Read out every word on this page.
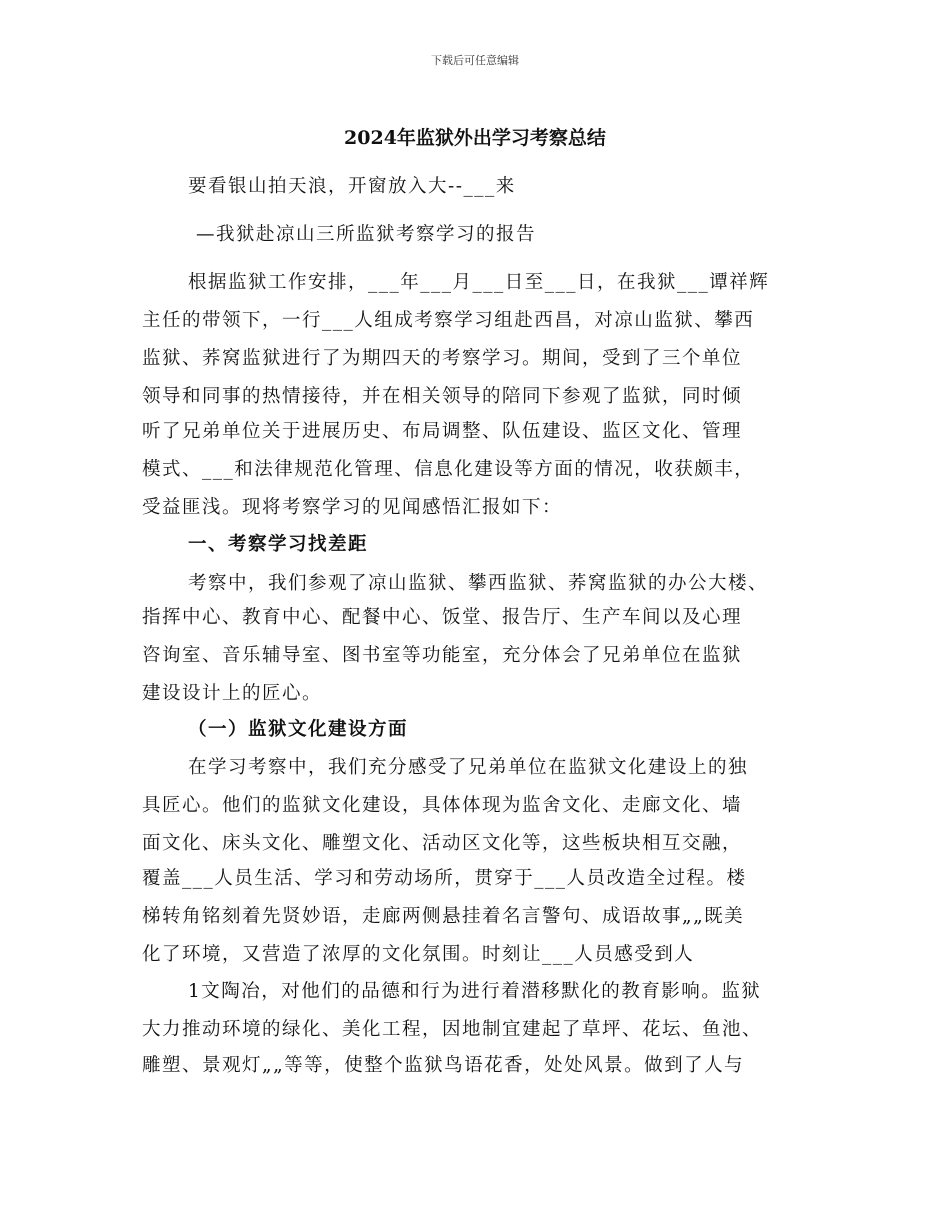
下载后可任意编辑
2024年监狱外出学习考察总结
要看银山拍天浪，开窗放入大--___来
—我狱赴凉山三所监狱考察学习的报告
根据监狱工作安排，___年___月___日至___日，在我狱___谭祥辉
主任的带领下，一行___人组成考察学习组赴西昌，对凉山监狱、攀西
监狱、荞窝监狱进行了为期四天的考察学习。期间，受到了三个单位
领导和同事的热情接待，并在相关领导的陪同下参观了监狱，同时倾
听了兄弟单位关于进展历史、布局调整、队伍建设、监区文化、管理
模式、___和法律规范化管理、信息化建设等方面的情况，收获颇丰，
受益匪浅。现将考察学习的见闻感悟汇报如下：
一、考察学习找差距
考察中，我们参观了凉山监狱、攀西监狱、荞窝监狱的办公大楼、
指挥中心、教育中心、配餐中心、饭堂、报告厅、生产车间以及心理
咨询室、音乐辅导室、图书室等功能室，充分体会了兄弟单位在监狱
建设设计上的匠心。
（一）监狱文化建设方面
在学习考察中，我们充分感受了兄弟单位在监狱文化建设上的独
具匠心。他们的监狱文化建设，具体体现为监舍文化、走廊文化、墙
面文化、床头文化、雕塑文化、活动区文化等，这些板块相互交融，
覆盖___人员生活、学习和劳动场所，贯穿于___人员改造全过程。楼
梯转角铭刻着先贤妙语，走廊两侧悬挂着名言警句、成语故事„„既美
化了环境，又营造了浓厚的文化氛围。时刻让___人员感受到人
1文陶冶，对他们的品德和行为进行着潜移默化的教育影响。监狱
大力推动环境的绿化、美化工程，因地制宜建起了草坪、花坛、鱼池、
雕塑、景观灯„„等等，使整个监狱鸟语花香，处处风景。做到了人与
